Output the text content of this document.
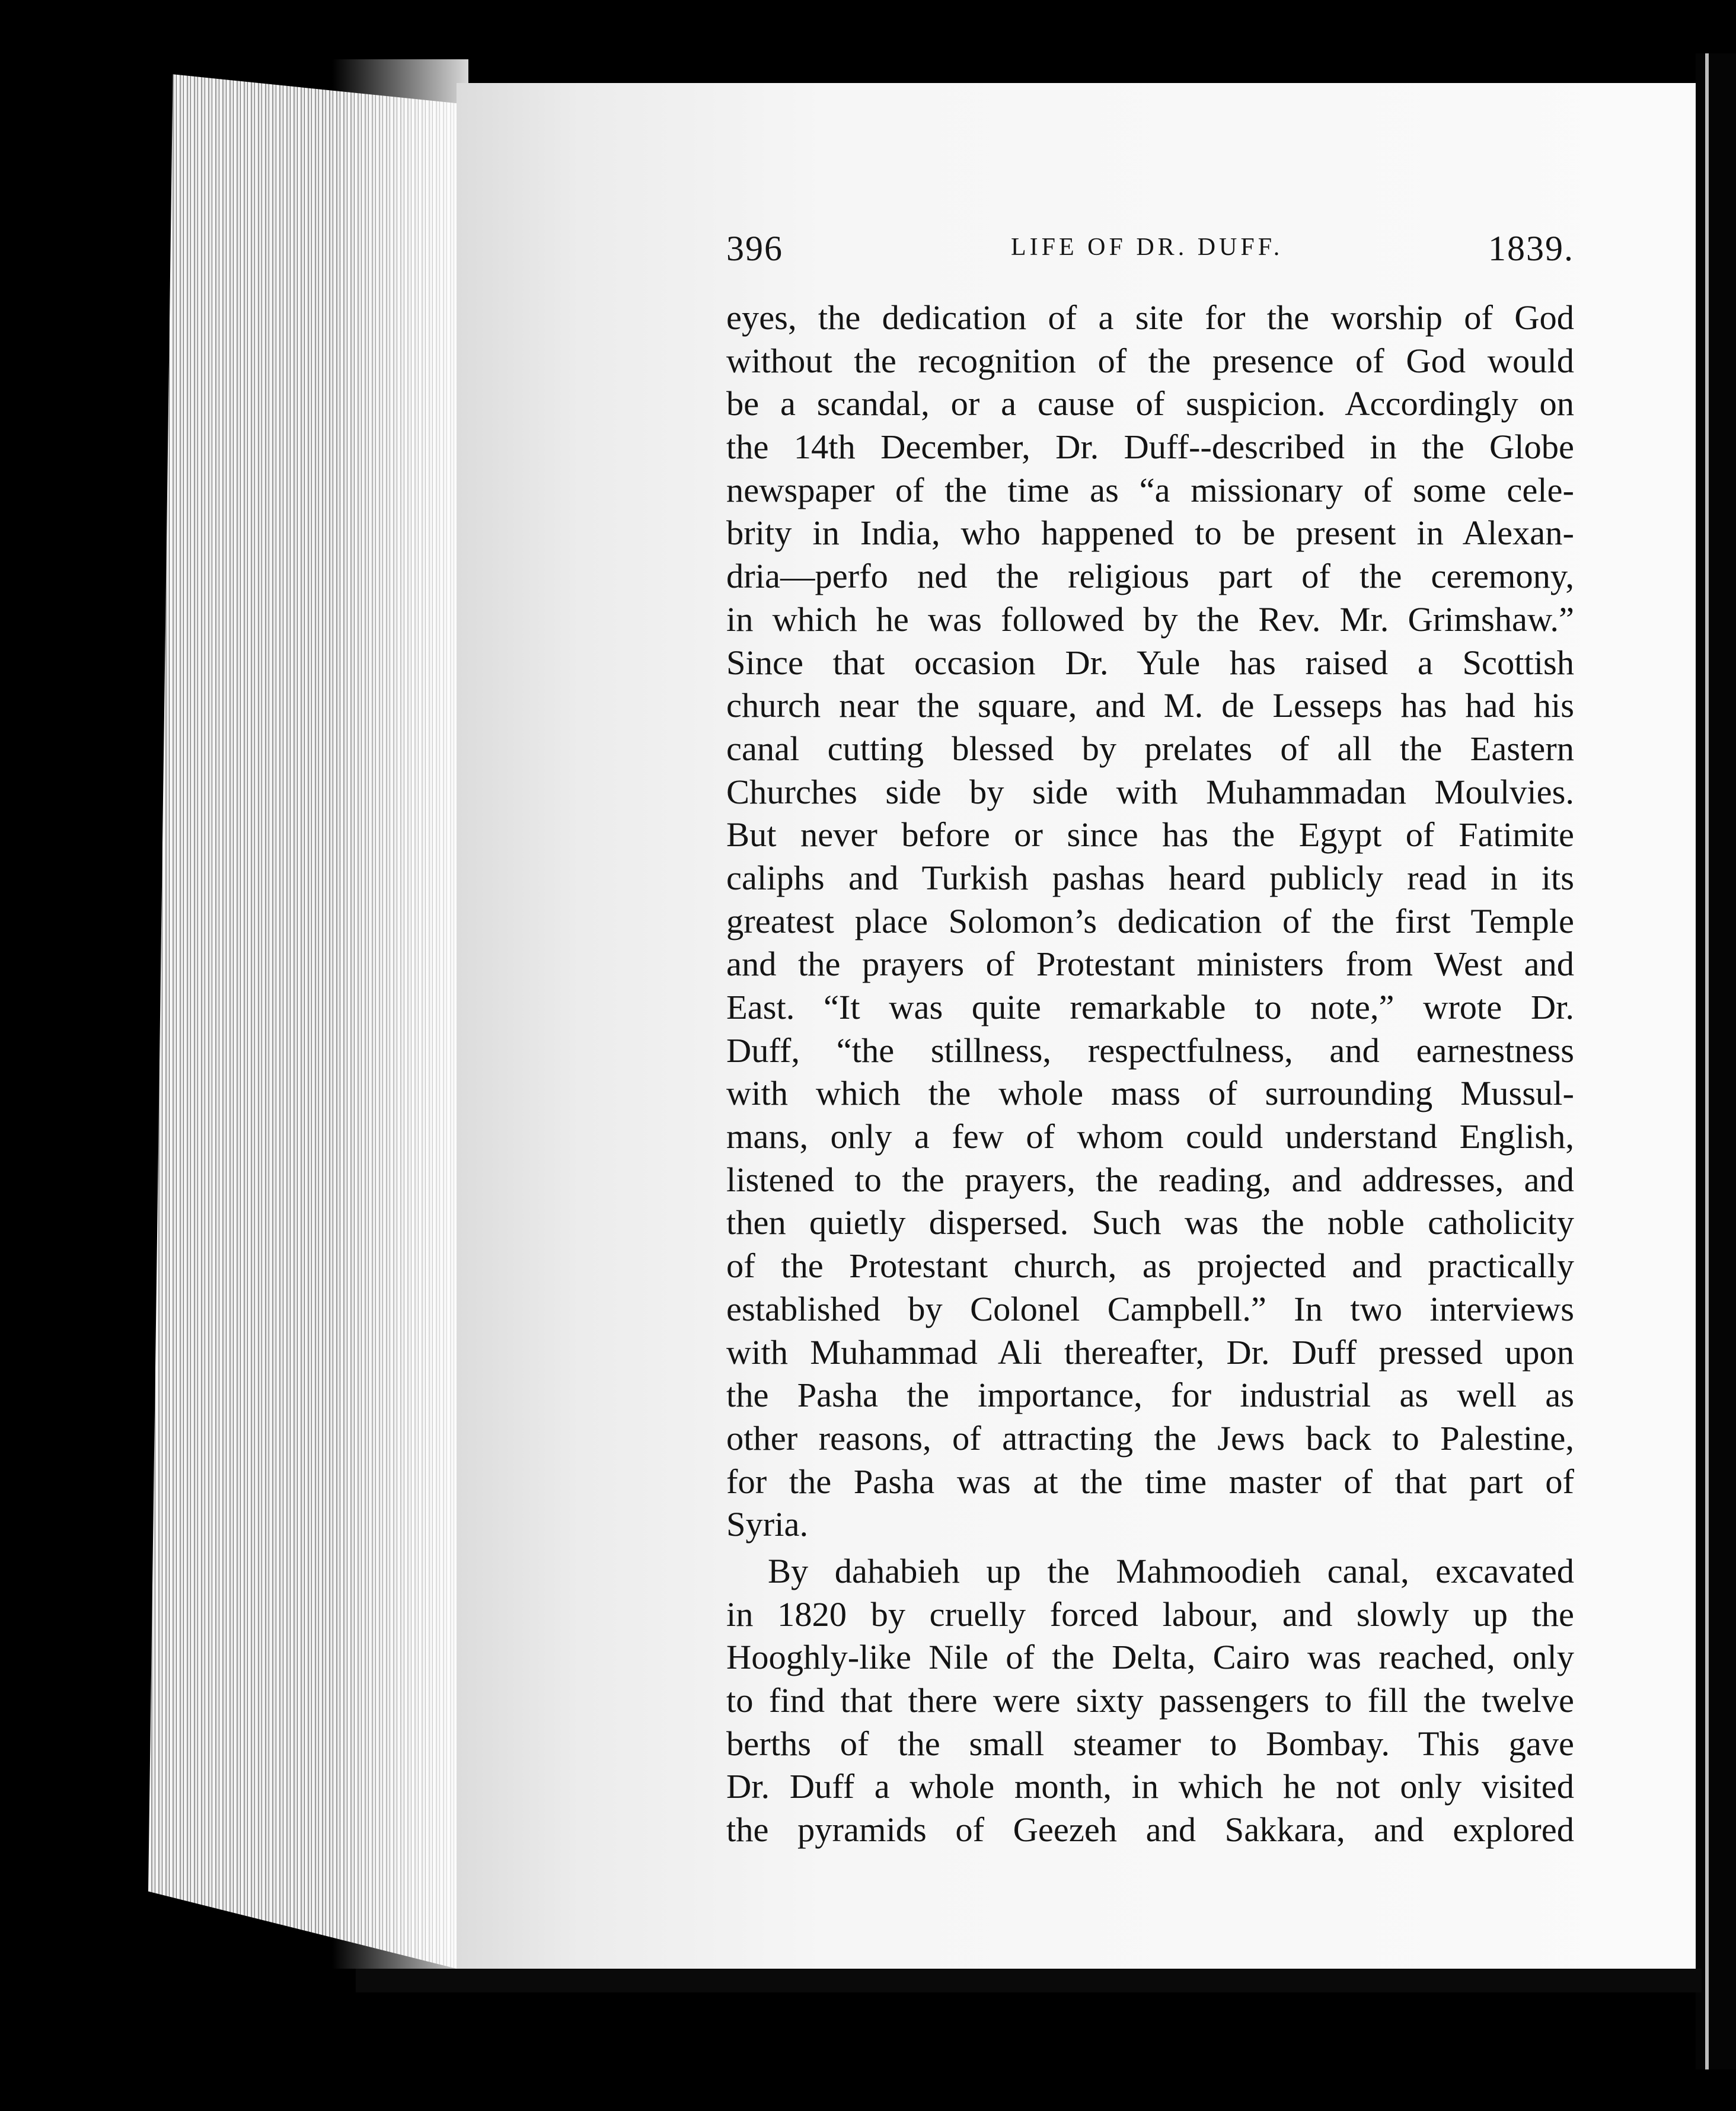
396	LIFE OF DR. DUFF.	1839.
eyes, the dedication of a site for the worship of God
without the recognition of the presence of God would
be a scandal, or a cause of suspicion. Accordingly on
the 14th December, Dr. Duff--described in the Globe
newspaper of the time as “a missionary of some cele-
brity in India, who happened to be present in Alexan-
dria—perfo ned the religious part of the ceremony,
in which he was followed by the Rev. Mr. Grimshaw.”
Since that occasion Dr. Yule has raised a Scottish
church near the square, and M. de Lesseps has had his
canal cutting blessed by prelates of all the Eastern
Churches side by side with Muhammadan Moulvies.
But never before or since has the Egypt of Fatimite
caliphs and Turkish pashas heard publicly read in its
greatest place Solomon’s dedication of the first Temple
and the prayers of Protestant ministers from West and
East. “It was quite remarkable to note,” wrote Dr.
Duff, “the stillness, respectfulness, and earnestness
with which the whole mass of surrounding Mussul-
mans, only a few of whom could understand English,
listened to the prayers, the reading, and addresses, and
then quietly dispersed. Such was the noble catholicity
of the Protestant church, as projected and practically
established by Colonel Campbell.” In two interviews
with Muhammad Ali thereafter, Dr. Duff pressed upon
the Pasha the importance, for industrial as well as
other reasons, of attracting the Jews back to Palestine,
for the Pasha was at the time master of that part of
Syria.
By dahabieh up the Mahmoodieh canal, excavated
in 1820 by cruelly forced labour, and slowly up the
Hooghly-like Nile of the Delta, Cairo was reached, only
to find that there were sixty passengers to fill the twelve
berths of the small steamer to Bombay. This gave
Dr. Duff a whole month, in which he not only visited
the pyramids of Geezeh and Sakkara, and explored
